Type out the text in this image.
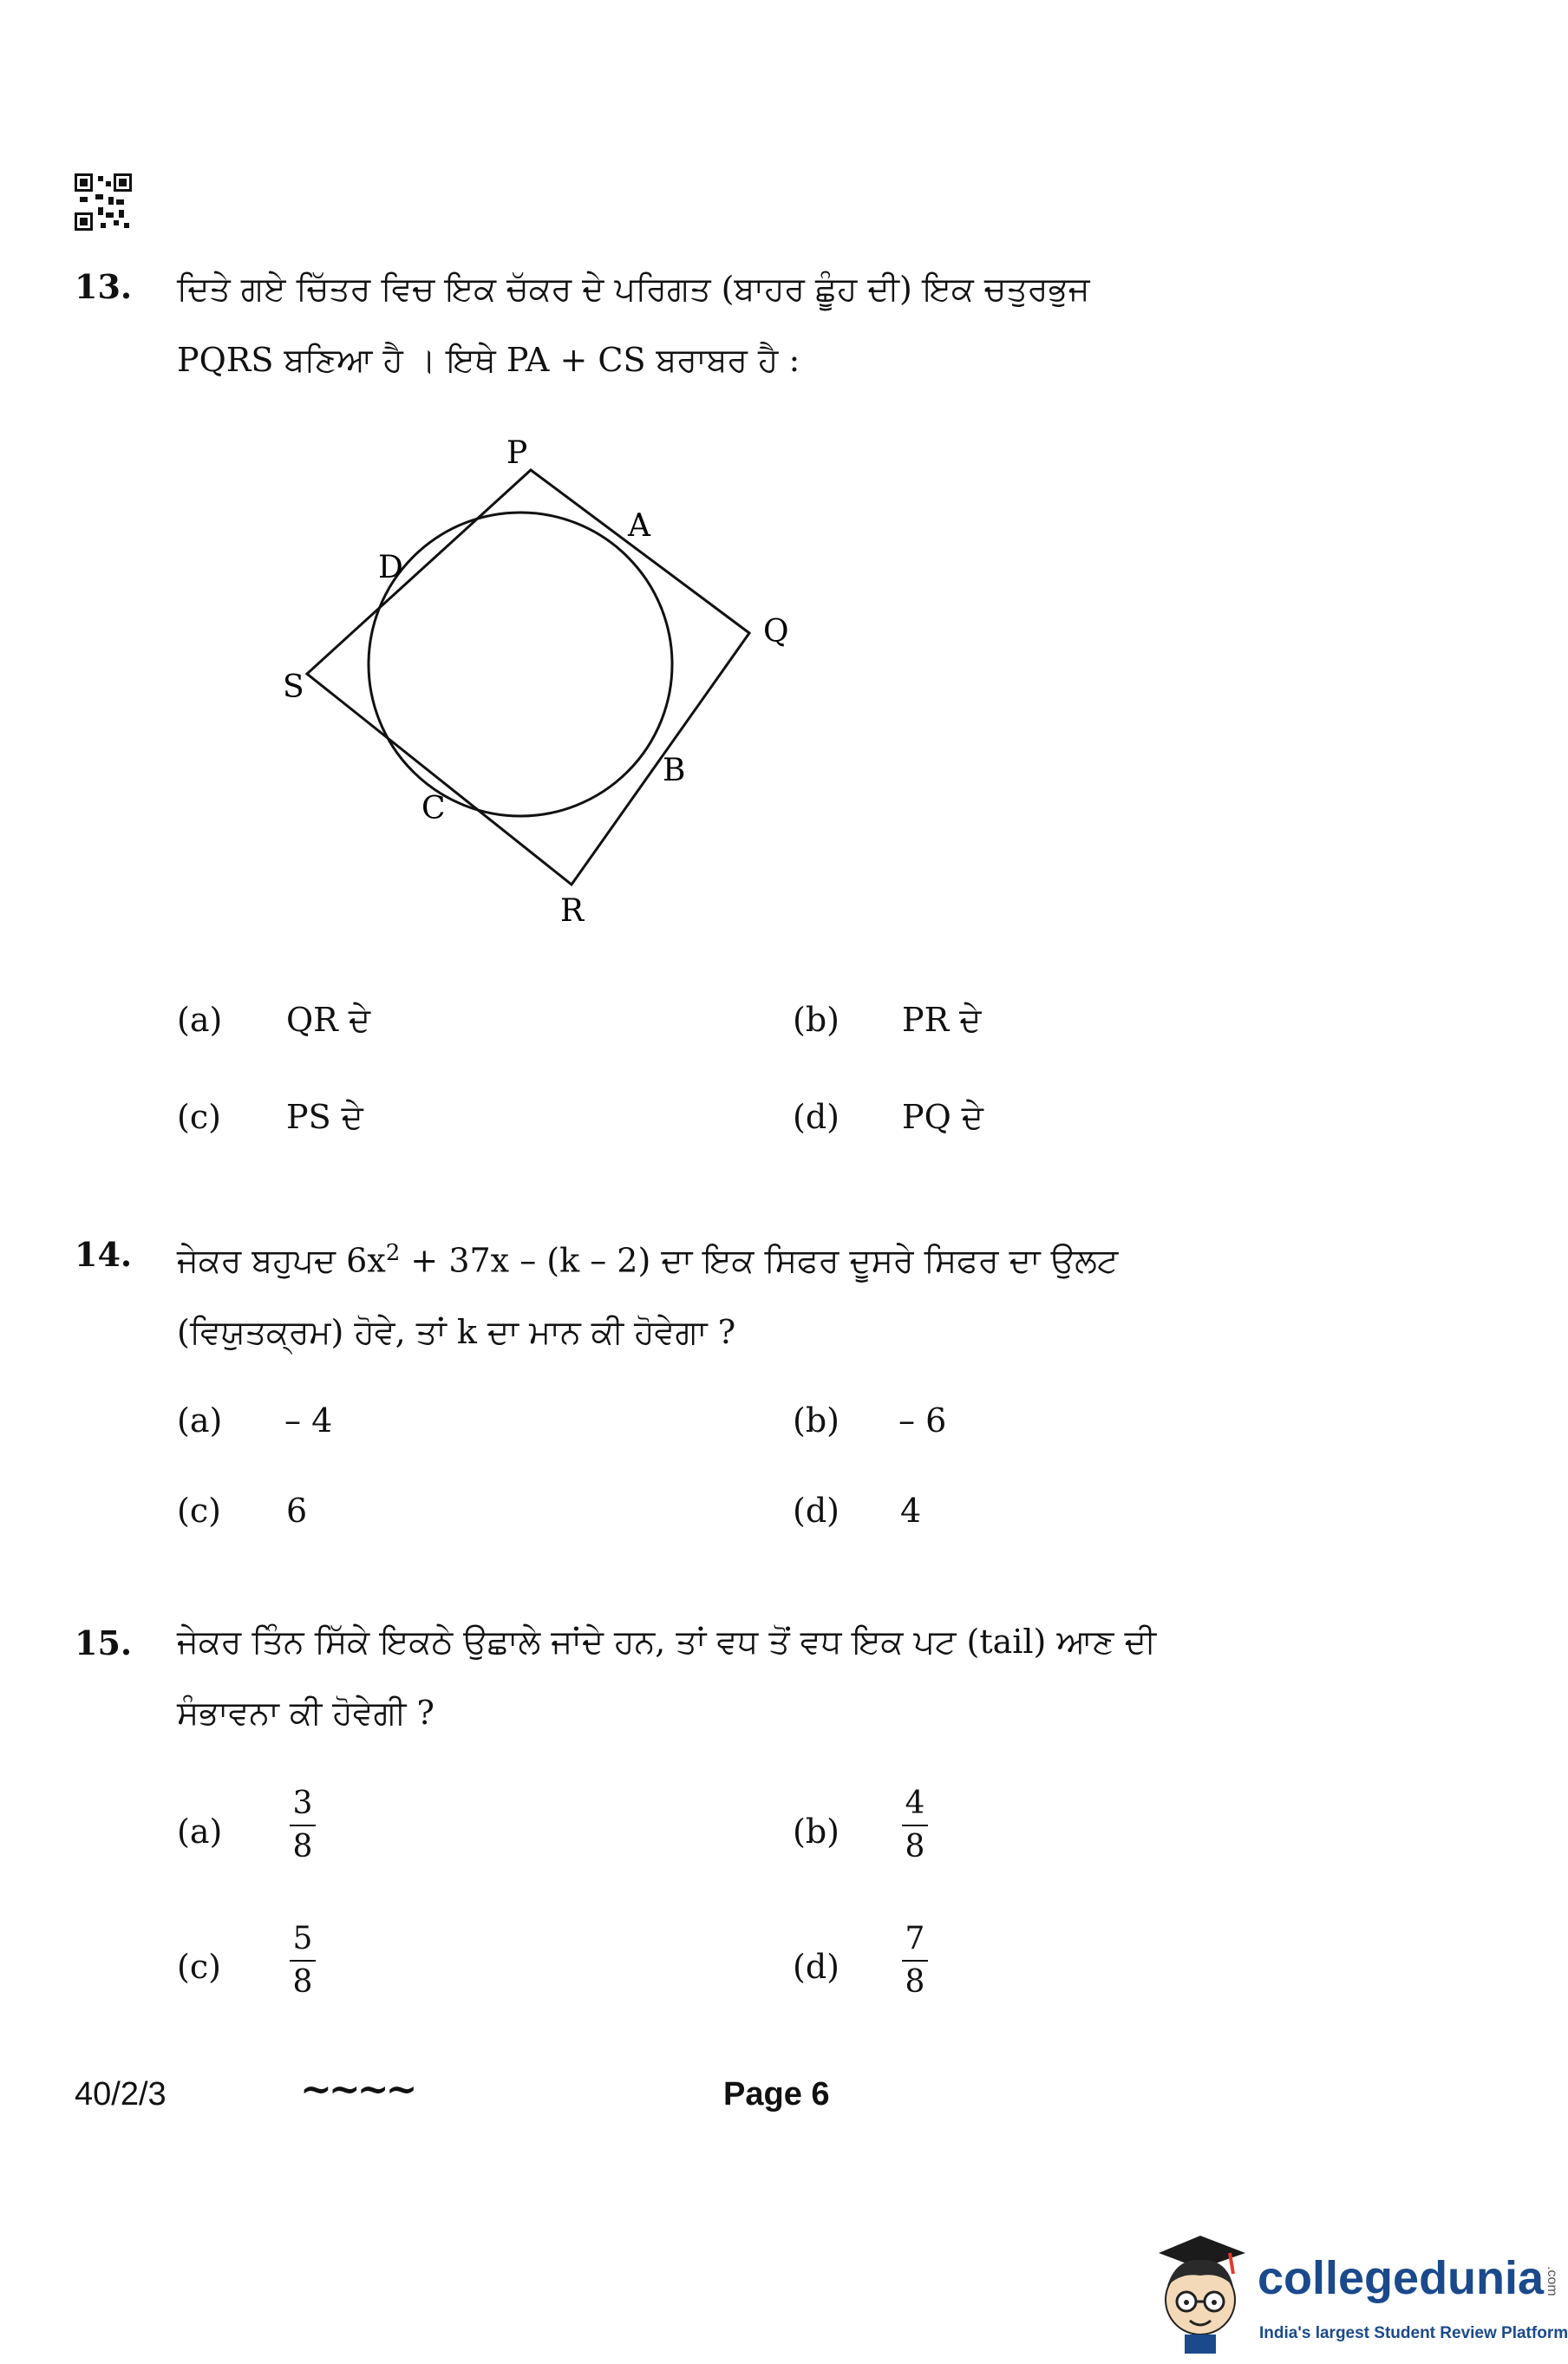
13. ਦਿਤੇ ਗਏ ਚਿੱਤਰ ਵਿਚ ਇਕ ਚੱਕਰ ਦੇ ਪਰਿਗਤ (ਬਾਹਰ ਛੂੰਹ ਦੀ) ਇਕ ਚਤੁਰਭੁਜ
PQRS ਬਣਿਆ ਹੈ । ਇਥੇ PA + CS ਬਰਾਬਰ ਹੈ :
P
A
D
Q
S
B
C
R
(a) QR ਦੇ	(b) PR ਦੇ
(c) PS ਦੇ	(d) PQ ਦੇ
14. ਜੇਕਰ ਬਹੁਪਦ $6x^2 + 37x - (k - 2)$ ਦਾ ਇਕ ਸਿਫਰ ਦੂਸਰੇ ਸਿਫਰ ਦਾ ਉਲਟ
(ਵਿਯੁਤਕ੍ਰਮ) ਹੋਵੇ, ਤਾਂ k ਦਾ ਮਾਨ ਕੀ ਹੋਵੇਗਾ ?
(a) – 4	(b) – 6
(c) 6	(d) 4
15. ਜੇਕਰ ਤਿੰਨ ਸਿੱਕੇ ਇਕਠੇ ਉਛਾਲੇ ਜਾਂਦੇ ਹਨ, ਤਾਂ ਵਧ ਤੋਂ ਵਧ ਇਕ ਪਟ (tail) ਆਣ ਦੀ
ਸੰਭਾਵਨਾ ਕੀ ਹੋਵੇਗੀ ?
(a)
3
8	(b)
4
8
(c)
5
8	(d)
7
8
40/2/3	~~~~	Page 6
collegedunia.com
India's largest Student Review Platform
